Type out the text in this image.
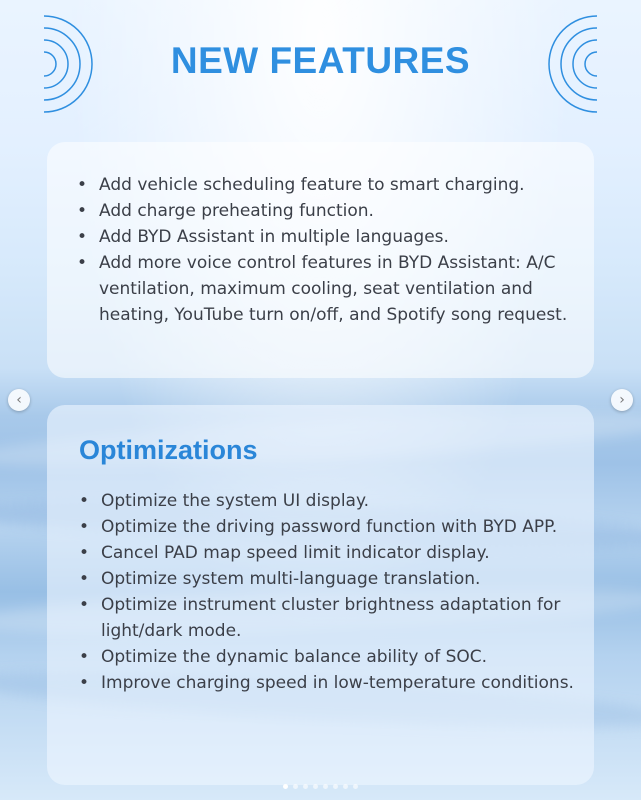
NEW FEATURES
• Add vehicle scheduling feature to smart charging.
• Add charge preheating function.
• Add BYD Assistant in multiple languages.
• Add more voice control features in BYD Assistant: A/C ventilation, maximum cooling, seat ventilation and heating, YouTube turn on/off, and Spotify song request.
‹	›
Optimizations
• Optimize the system UI display.
• Optimize the driving password function with BYD APP.
• Cancel PAD map speed limit indicator display.
• Optimize system multi-language translation.
• Optimize instrument cluster brightness adaptation for light/dark mode.
• Optimize the dynamic balance ability of SOC.
• Improve charging speed in low-temperature conditions.
